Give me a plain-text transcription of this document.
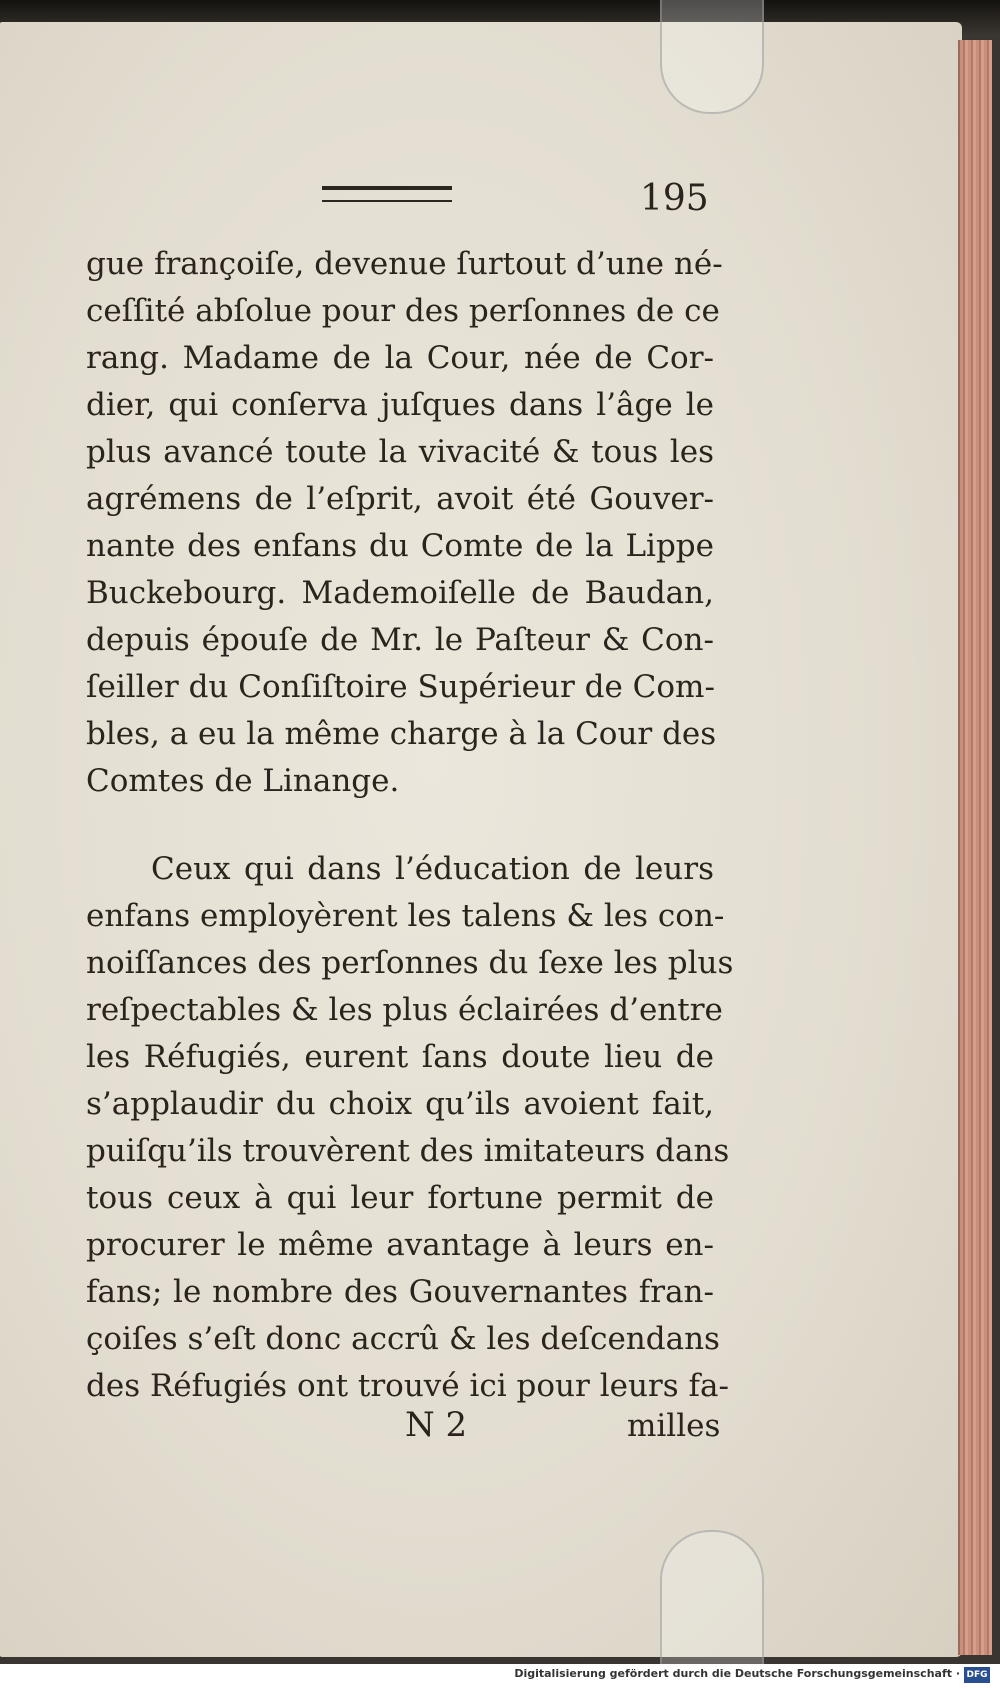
195
gue françoiſe, devenue ſurtout d’une né-
ceſſité abſolue pour des perſonnes de ce
rang. Madame de la Cour, née de Cor-
dier, qui conſerva juſques dans l’âge le
plus avancé toute la vivacité & tous les
agrémens de l’eſprit, avoit été Gouver-
nante des enfans du Comte de la Lippe
Buckebourg. Mademoiſelle de Baudan,
depuis épouſe de Mr. le Paſteur & Con-
ſeiller du Conſiſtoire Supérieur de Com-
bles, a eu la même charge à la Cour des
Comtes de Linange.
Ceux qui dans l’éducation de leurs
enfans employèrent les talens & les con-
noiſſances des perſonnes du ſexe les plus
reſpectables & les plus éclairées d’entre
les Réfugiés, eurent ſans doute lieu de
s’applaudir du choix qu’ils avoient fait,
puiſqu’ils trouvèrent des imitateurs dans
tous ceux à qui leur fortune permit de
procurer le même avantage à leurs en-
fans; le nombre des Gouvernantes fran-
çoiſes s’eſt donc accrû & les deſcendans
des Réfugiés ont trouvé ici pour leurs fa-
N 2	milles
Digitalisierung gefördert durch die Deutsche Forschungsgemeinschaft · DFG
